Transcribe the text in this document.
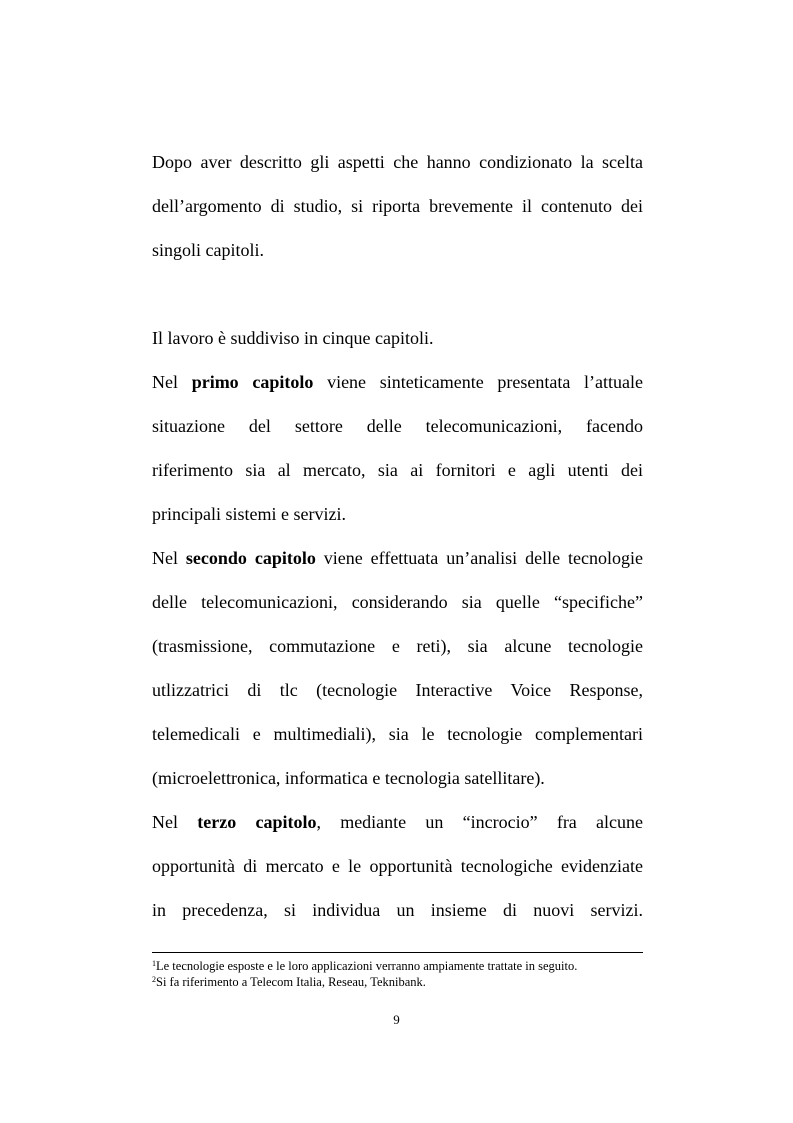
Dopo aver descritto gli aspetti che hanno condizionato la scelta
dell’argomento di studio, si riporta brevemente il contenuto dei
singoli capitoli.
Il lavoro è suddiviso in cinque capitoli.
Nel primo capitolo viene sinteticamente presentata l’attuale
situazione del settore delle telecomunicazioni, facendo
riferimento sia al mercato, sia ai fornitori e agli utenti dei
principali sistemi e servizi.
Nel secondo capitolo viene effettuata un’analisi delle tecnologie
delle telecomunicazioni, considerando sia quelle “specifiche”
(trasmissione, commutazione e reti), sia alcune tecnologie
utlizzatrici di tlc (tecnologie Interactive Voice Response,
telemedicali e multimediali), sia le tecnologie complementari
(microelettronica, informatica e tecnologia satellitare).
Nel terzo capitolo, mediante un “incrocio” fra alcune
opportunità di mercato e le opportunità tecnologiche evidenziate
in precedenza, si individua un insieme di nuovi servizi.
$^1$Le tecnologie esposte e le loro applicazioni verranno ampiamente trattate in seguito.
$^2$Si fa riferimento a Telecom Italia, Reseau, Teknibank.
9
